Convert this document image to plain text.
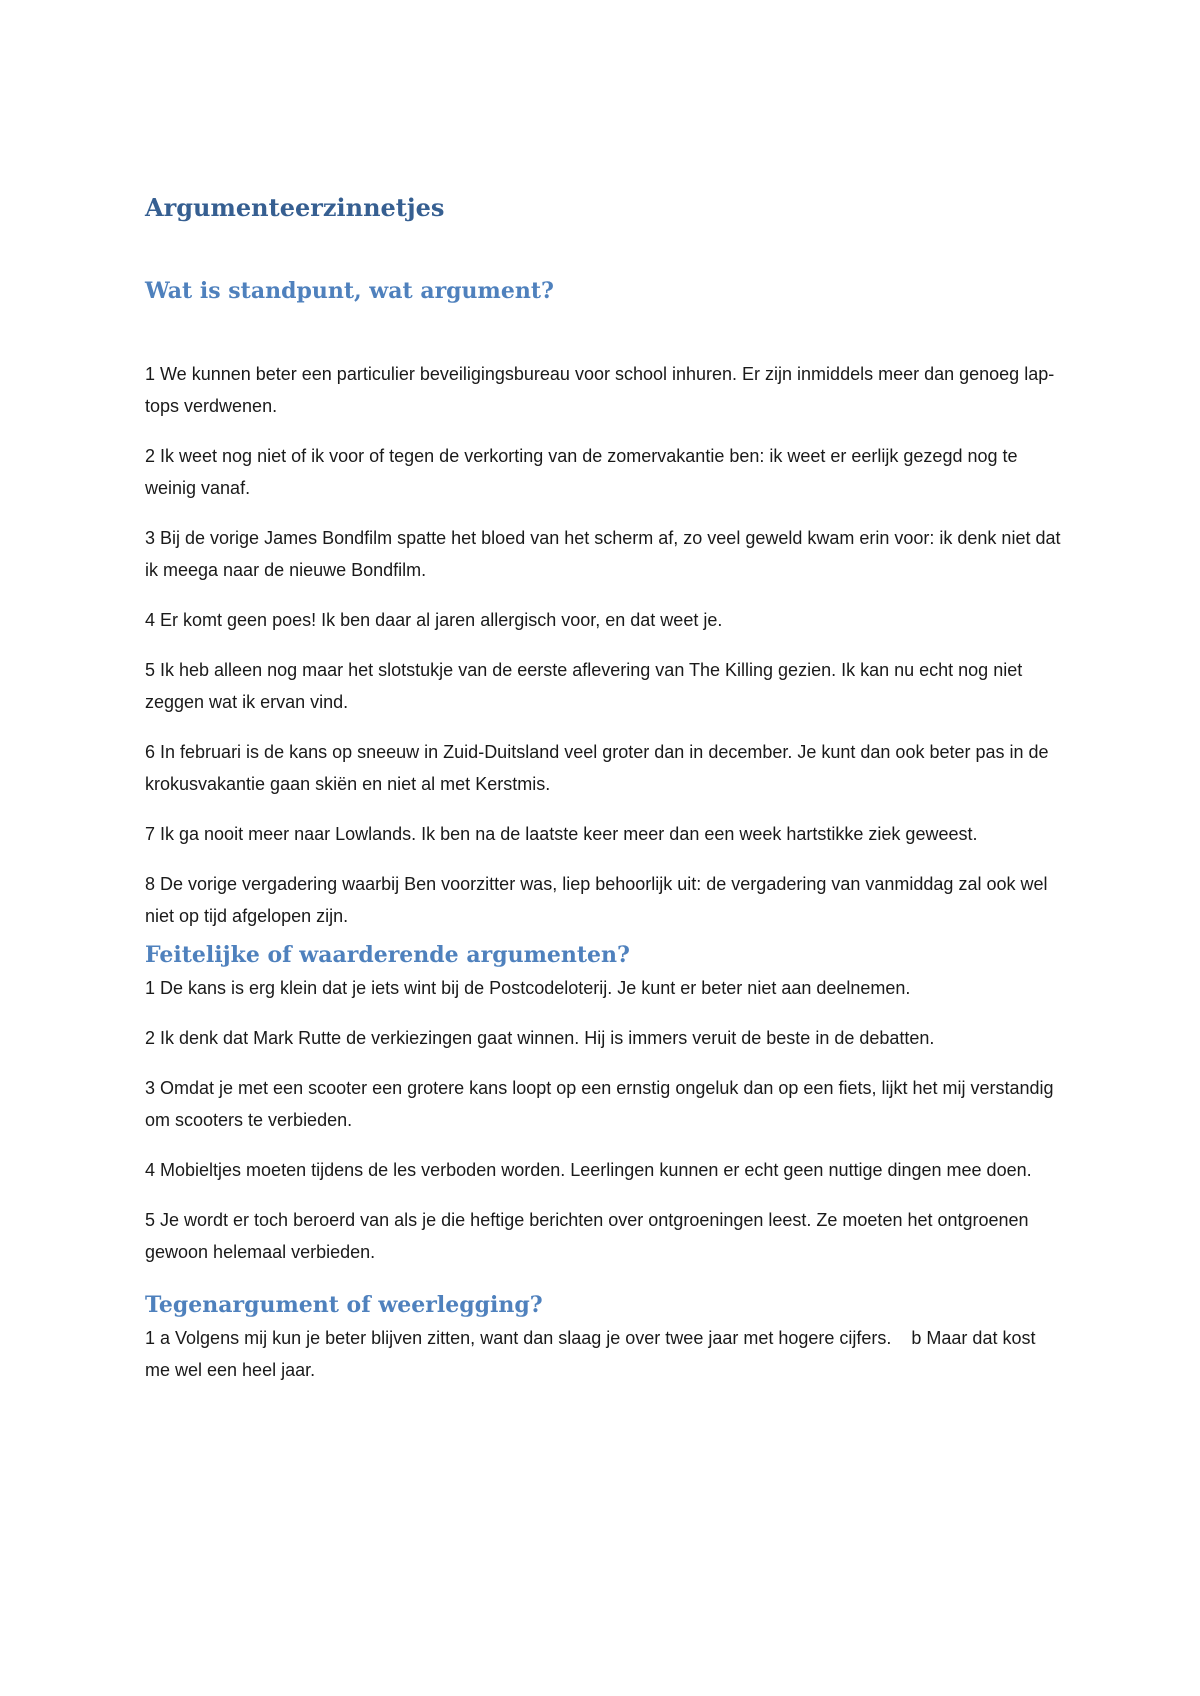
Argumenteerzinnetjes
Wat is standpunt, wat argument?

1 We kunnen beter een particulier beveiligingsbureau voor school inhuren. Er zijn inmiddels meer dan genoeg lap-tops verdwenen.

2 Ik weet nog niet of ik voor of tegen de verkorting van de zomervakantie ben: ik weet er eerlijk gezegd nog te weinig vanaf.

3 Bij de vorige James Bondfilm spatte het bloed van het scherm af, zo veel geweld kwam erin voor: ik denk niet dat ik meega naar de nieuwe Bondfilm.

4 Er komt geen poes! Ik ben daar al jaren allergisch voor, en dat weet je.

5 Ik heb alleen nog maar het slotstukje van de eerste aflevering van The Killing gezien. Ik kan nu echt nog niet zeggen wat ik ervan vind.

6 In februari is de kans op sneeuw in Zuid-Duitsland veel groter dan in december. Je kunt dan ook beter pas in de krokusvakantie gaan skiën en niet al met Kerstmis.

7 Ik ga nooit meer naar Lowlands. Ik ben na de laatste keer meer dan een week hartstikke ziek geweest.

8 De vorige vergadering waarbij Ben voorzitter was, liep behoorlijk uit: de vergadering van vanmiddag zal ook wel niet op tijd afgelopen zijn.

Feitelijke of waarderende argumenten?

1 De kans is erg klein dat je iets wint bij de Postcodeloterij. Je kunt er beter niet aan deelnemen.

2 Ik denk dat Mark Rutte de verkiezingen gaat winnen. Hij is immers veruit de beste in de debatten.

3 Omdat je met een scooter een grotere kans loopt op een ernstig ongeluk dan op een fiets, lijkt het mij verstandig om scooters te verbieden.

4 Mobieltjes moeten tijdens de les verboden worden. Leerlingen kunnen er echt geen nuttige dingen mee doen.

5 Je wordt er toch beroerd van als je die heftige berichten over ontgroeningen leest. Ze moeten het ontgroenen gewoon helemaal verbieden.

Tegenargument of weerlegging?

1 a Volgens mij kun je beter blijven zitten, want dan slaag je over twee jaar met hogere cijfers.    b Maar dat kost me wel een heel jaar.
